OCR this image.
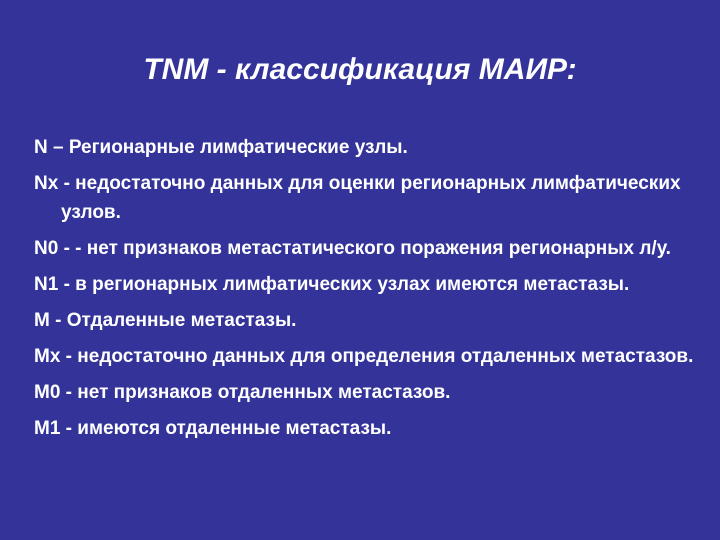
TNM - классификация МАИР:
N – Регионарные лимфатические узлы.
Nx - недостаточно данных для оценки регионарных лимфатических узлов.
N0 - - нет признаков метастатического поражения регионарных л/у.
N1 - в регионарных лимфатических узлах имеются метастазы.
M - Отдаленные метастазы.
Mx - недостаточно данных для определения отдаленных метастазов.
M0 - нет признаков отдаленных метастазов.
M1 - имеются отдаленные метастазы.
